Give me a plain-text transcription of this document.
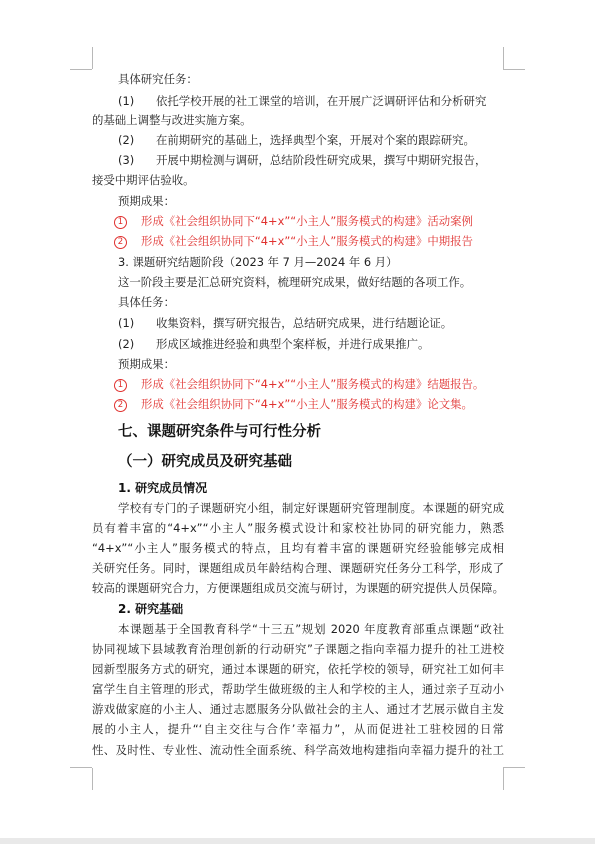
具体研究任务：
(1) 依托学校开展的社工课堂的培训，在开展广泛调研评估和分析研究
的基础上调整与改进实施方案。
(2) 在前期研究的基础上，选择典型个案，开展对个案的跟踪研究。
(3) 开展中期检测与调研，总结阶段性研究成果，撰写中期研究报告，
接受中期评估验收。
预期成果：
1 形成《社会组织协同下“4+x”“小主人”服务模式的构建》活动案例
2 形成《社会组织协同下“4+x”“小主人”服务模式的构建》中期报告
3. 课题研究结题阶段（2023 年 7 月—2024 年 6 月）
这一阶段主要是汇总研究资料，梳理研究成果，做好结题的各项工作。
具体任务：
(1) 收集资料，撰写研究报告，总结研究成果，进行结题论证。
(2) 形成区域推进经验和典型个案样板，并进行成果推广。
预期成果：
1 形成《社会组织协同下“4+x”“小主人”服务模式的构建》结题报告。
2 形成《社会组织协同下“4+x”“小主人”服务模式的构建》论文集。
七、课题研究条件与可行性分析
（一）研究成员及研究基础
1. 研究成员情况
学校有专门的子课题研究小组，制定好课题研究管理制度。本课题的研究成
员有着丰富的“4+x”“小主人”服务模式设计和家校社协同的研究能力，熟悉
“4+x”“小主人”服务模式的特点，且均有着丰富的课题研究经验能够完成相
关研究任务。同时，课题组成员年龄结构合理、课题研究任务分工科学，形成了
较高的课题研究合力，方便课题组成员交流与研讨，为课题的研究提供人员保障。
2. 研究基础
本课题基于全国教育科学“十三五”规划 2020 年度教育部重点课题“政社
协同视域下县域教育治理创新的行动研究”子课题之指向幸福力提升的社工进校
园新型服务方式的研究，通过本课题的研究，依托学校的领导，研究社工如何丰
富学生自主管理的形式，帮助学生做班级的主人和学校的主人，通过亲子互动小
游戏做家庭的小主人、通过志愿服务分队做社会的主人、通过才艺展示做自主发
展的小主人，提升“‘自主交往与合作’幸福力”，从而促进社工驻校园的日常
性、及时性、专业性、流动性全面系统、科学高效地构建指向幸福力提升的社工
